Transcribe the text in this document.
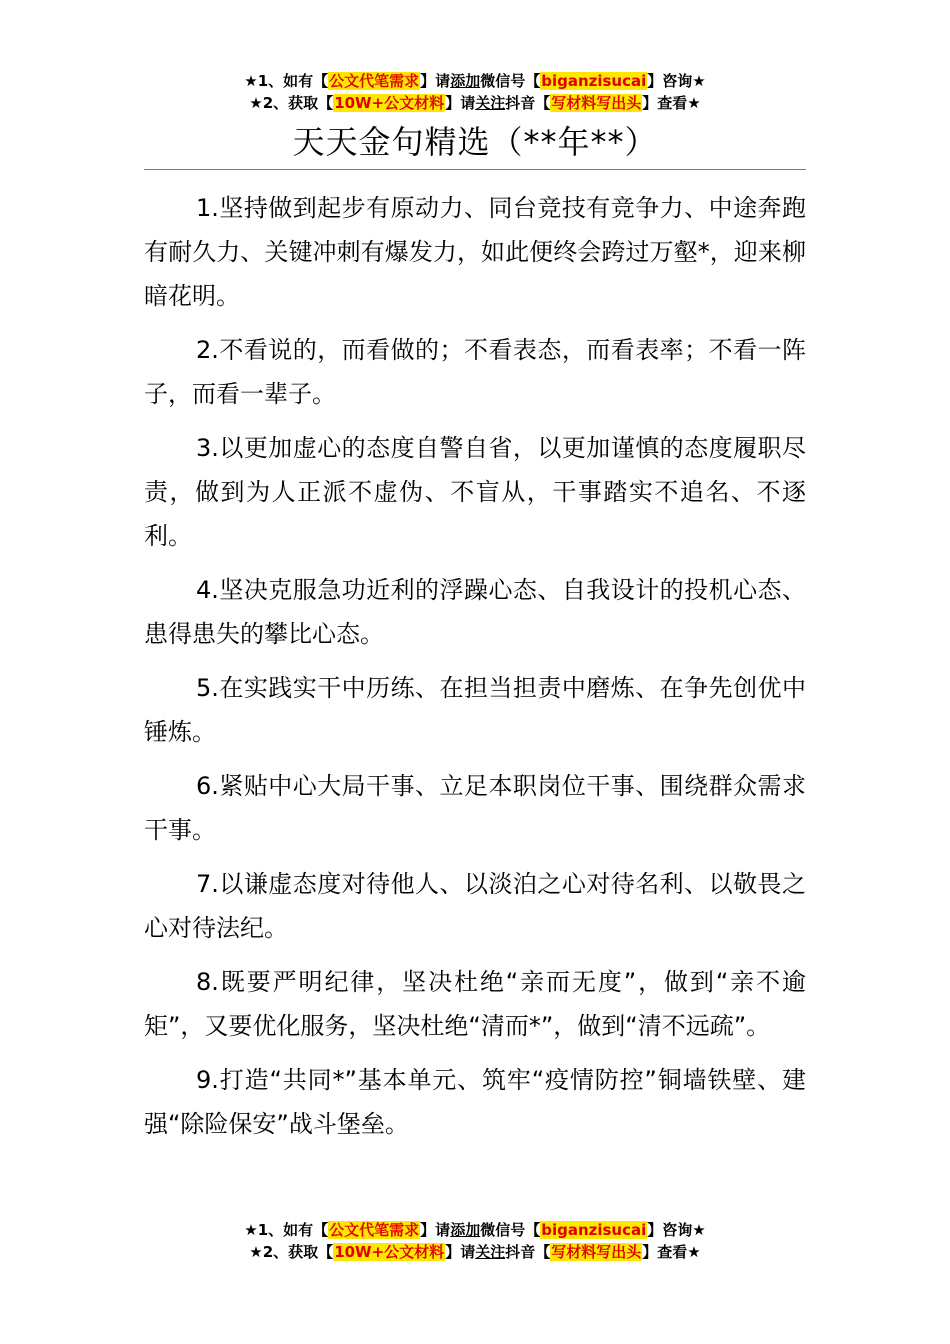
★1、如有【公文代笔需求】请添加微信号【biganzisucai】咨询★
★2、获取【10W+公文材料】请关注抖音【写材料写出头】查看★
天天金句精选（**年**）

1.坚持做到起步有原动力、同台竞技有竞争力、中途奔跑有耐久力、关键冲刺有爆发力，如此便终会跨过万壑*，迎来柳暗花明。

2.不看说的，而看做的；不看表态，而看表率；不看一阵子，而看一辈子。

3.以更加虚心的态度自警自省，以更加谨慎的态度履职尽责，做到为人正派不虚伪、不盲从，干事踏实不追名、不逐利。

4.坚决克服急功近利的浮躁心态、自我设计的投机心态、患得患失的攀比心态。

5.在实践实干中历练、在担当担责中磨炼、在争先创优中锤炼。

6.紧贴中心大局干事、立足本职岗位干事、围绕群众需求干事。

7.以谦虚态度对待他人、以淡泊之心对待名利、以敬畏之心对待法纪。

8.既要严明纪律，坚决杜绝“亲而无度”，做到“亲不逾矩”，又要优化服务，坚决杜绝“清而*”，做到“清不远疏”。

9.打造“共同*”基本单元、筑牢“疫情防控”铜墙铁壁、建强“除险保安”战斗堡垒。

★1、如有【公文代笔需求】请添加微信号【biganzisucai】咨询★
★2、获取【10W+公文材料】请关注抖音【写材料写出头】查看★
